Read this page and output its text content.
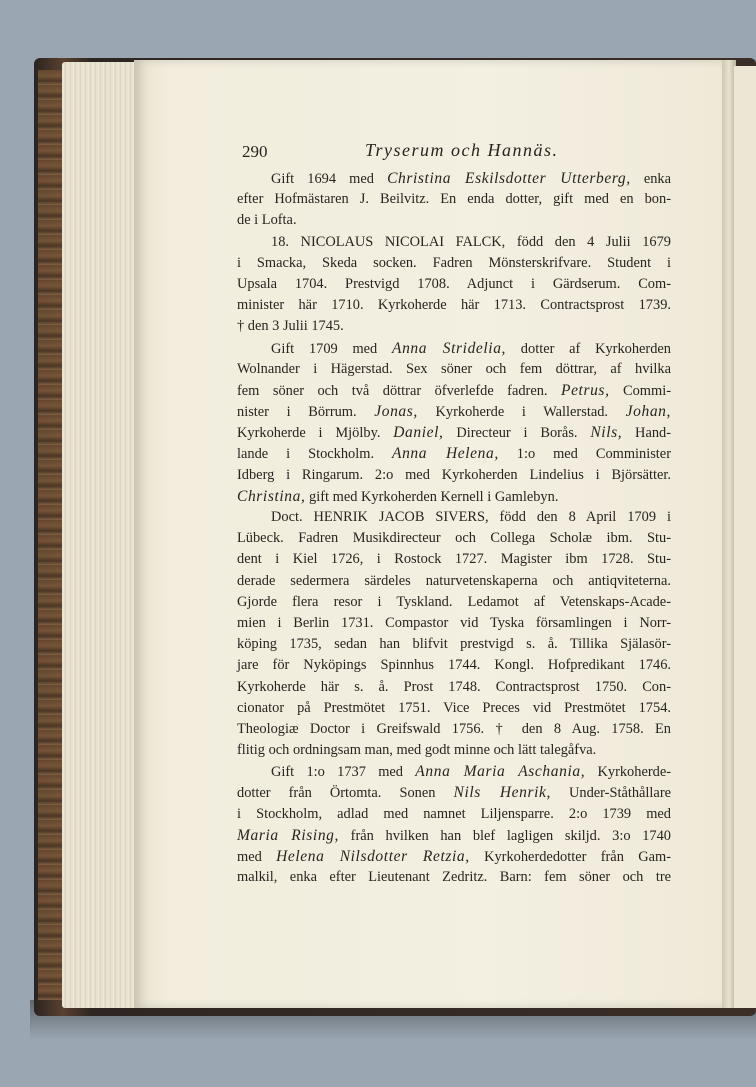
290	Tryserum och Hannäs.
Gift 1694 med Christina Eskilsdotter Utterberg, enka
efter Hofmästaren J. Beilvitz. En enda dotter, gift med en bon-
de i Lofta.
18. NICOLAUS NICOLAI FALCK, född den 4 Julii 1679
i Smacka, Skeda socken. Fadren Mönsterskrifvare. Student i
Upsala 1704. Prestvigd 1708. Adjunct i Gärdserum. Com-
minister här 1710. Kyrkoherde här 1713. Contractsprost 1739.
† den 3 Julii 1745.
Gift 1709 med Anna Stridelia, dotter af Kyrkoherden
Wolnander i Hägerstad. Sex söner och fem döttrar, af hvilka
fem söner och två döttrar öfverlefde fadren. Petrus, Commi-
nister i Börrum. Jonas, Kyrkoherde i Wallerstad. Johan,
Kyrkoherde i Mjölby. Daniel, Directeur i Borås. Nils, Hand-
lande i Stockholm. Anna Helena, 1:o med Comminister
Idberg i Ringarum. 2:o med Kyrkoherden Lindelius i Björsätter.
Christina, gift med Kyrkoherden Kernell i Gamlebyn.
Doct. HENRIK JACOB SIVERS, född den 8 April 1709 i
Lübeck. Fadren Musikdirecteur och Collega Scholæ ibm. Stu-
dent i Kiel 1726, i Rostock 1727. Magister ibm 1728. Stu-
derade sedermera särdeles naturvetenskaperna och antiqviteterna.
Gjorde flera resor i Tyskland. Ledamot af Vetenskaps-Acade-
mien i Berlin 1731. Compastor vid Tyska församlingen i Norr-
köping 1735, sedan han blifvit prestvigd s. å. Tillika Själasör-
jare för Nyköpings Spinnhus 1744. Kongl. Hofpredikant 1746.
Kyrkoherde här s. å. Prost 1748. Contractsprost 1750. Con-
cionator på Prestmötet 1751. Vice Preces vid Prestmötet 1754.
Theologiæ Doctor i Greifswald 1756. † den 8 Aug. 1758. En
flitig och ordningsam man, med godt minne och lätt talegåfva.
Gift 1:o 1737 med Anna Maria Aschania, Kyrkoherde-
dotter från Örtomta. Sonen Nils Henrik, Under-Ståthållare
i Stockholm, adlad med namnet Liljensparre. 2:o 1739 med
Maria Rising, från hvilken han blef lagligen skiljd. 3:o 1740
med Helena Nilsdotter Retzia, Kyrkoherdedotter från Gam-
malkil, enka efter Lieutenant Zedritz. Barn: fem söner och tre
